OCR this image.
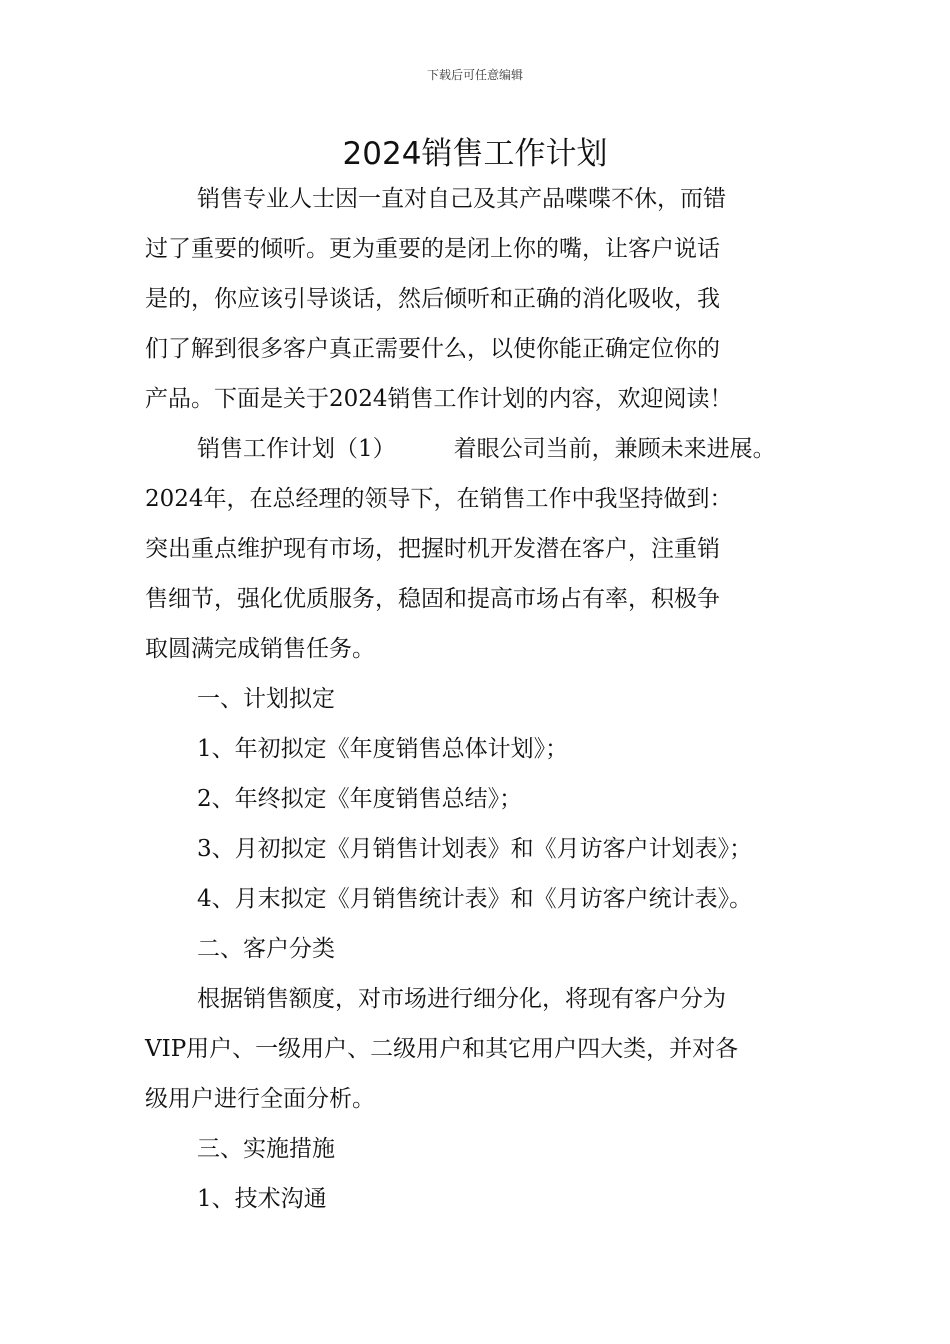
下载后可任意编辑
2024销售工作计划

销售专业人士因一直对自己及其产品喋喋不休，而错

过了重要的倾听。更为重要的是闭上你的嘴，让客户说话

是的，你应该引导谈话，然后倾听和正确的消化吸收，我

们了解到很多客户真正需要什么，以使你能正确定位你的

产品。下面是关于2024销售工作计划的内容，欢迎阅读！

销售工作计划（1）	着眼公司当前，兼顾未来进展。

2024年，在总经理的领导下，在销售工作中我坚持做到：

突出重点维护现有市场，把握时机开发潜在客户，注重销

售细节，强化优质服务，稳固和提高市场占有率，积极争

取圆满完成销售任务。

一、计划拟定

1、年初拟定《年度销售总体计划》；

2、年终拟定《年度销售总结》；

3、月初拟定《月销售计划表》和《月访客户计划表》；

4、月末拟定《月销售统计表》和《月访客户统计表》。

二、客户分类

根据销售额度，对市场进行细分化，将现有客户分为

VIP用户、一级用户、二级用户和其它用户四大类，并对各

级用户进行全面分析。

三、实施措施

1、技术沟通
